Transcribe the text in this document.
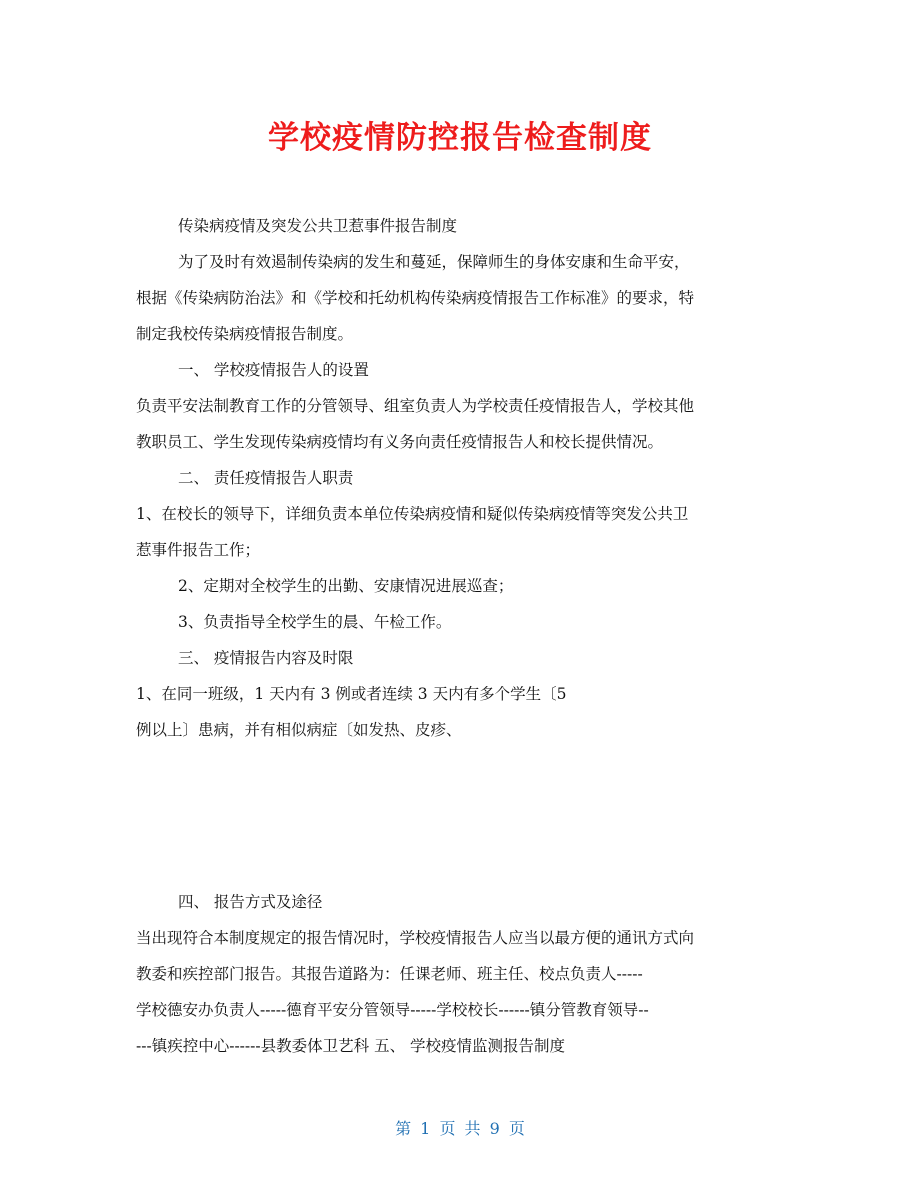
学校疫情防控报告检查制度
传染病疫情及突发公共卫惹事件报告制度
为了及时有效遏制传染病的发生和蔓延，保障师生的身体安康和生命平安，
根据《传染病防治法》和《学校和托幼机构传染病疫情报告工作标准》的要求，特
制定我校传染病疫情报告制度。
一、 学校疫情报告人的设置
负责平安法制教育工作的分管领导、组室负责人为学校责任疫情报告人，学校其他
教职员工、学生发现传染病疫情均有义务向责任疫情报告人和校长提供情况。
二、 责任疫情报告人职责
1、在校长的领导下，详细负责本单位传染病疫情和疑似传染病疫情等突发公共卫
惹事件报告工作；
2、定期对全校学生的出勤、安康情况进展巡查；
3、负责指导全校学生的晨、午检工作。
三、 疫情报告内容及时限
1、在同一班级，1 天内有 3 例或者连续 3 天内有多个学生〔5
例以上〕患病，并有相似病症〔如发热、皮疹、
四、 报告方式及途径
当出现符合本制度规定的报告情况时，学校疫情报告人应当以最方便的通讯方式向
教委和疾控部门报告。其报告道路为：任课老师、班主任、校点负责人-----
学校德安办负责人-----德育平安分管领导-----学校校长------镇分管教育领导--
---镇疾控中心------县教委体卫艺科 五、 学校疫情监测报告制度
第 1 页 共 9 页
